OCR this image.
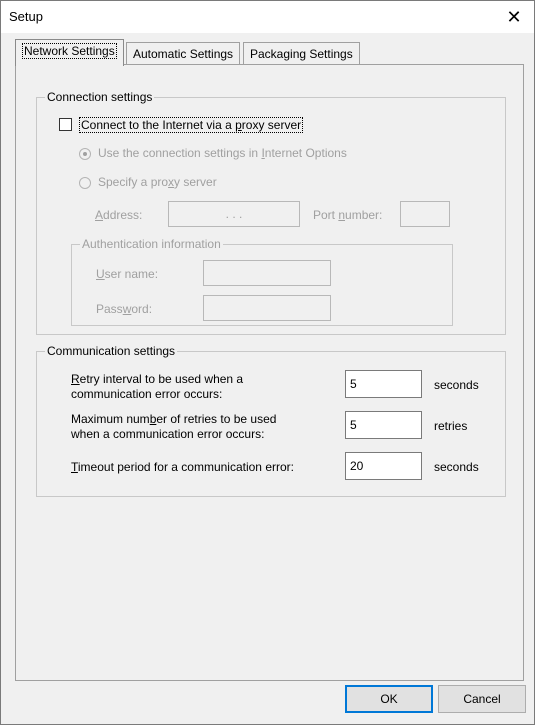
Setup	✕
Network Settings	Automatic Settings	Packaging Settings
Connection settings
Connect to the Internet via a proxy server
Use the connection settings in Internet Options
Specify a proxy server
Address:	. . .	Port number:
Authentication information
User name:
Password:
Communication settings
Retry interval to be used when a
communication error occurs:
5	seconds
Maximum number of retries to be used
when a communication error occurs:
5	retries
Timeout period for a communication error:	20	seconds
OK	Cancel
